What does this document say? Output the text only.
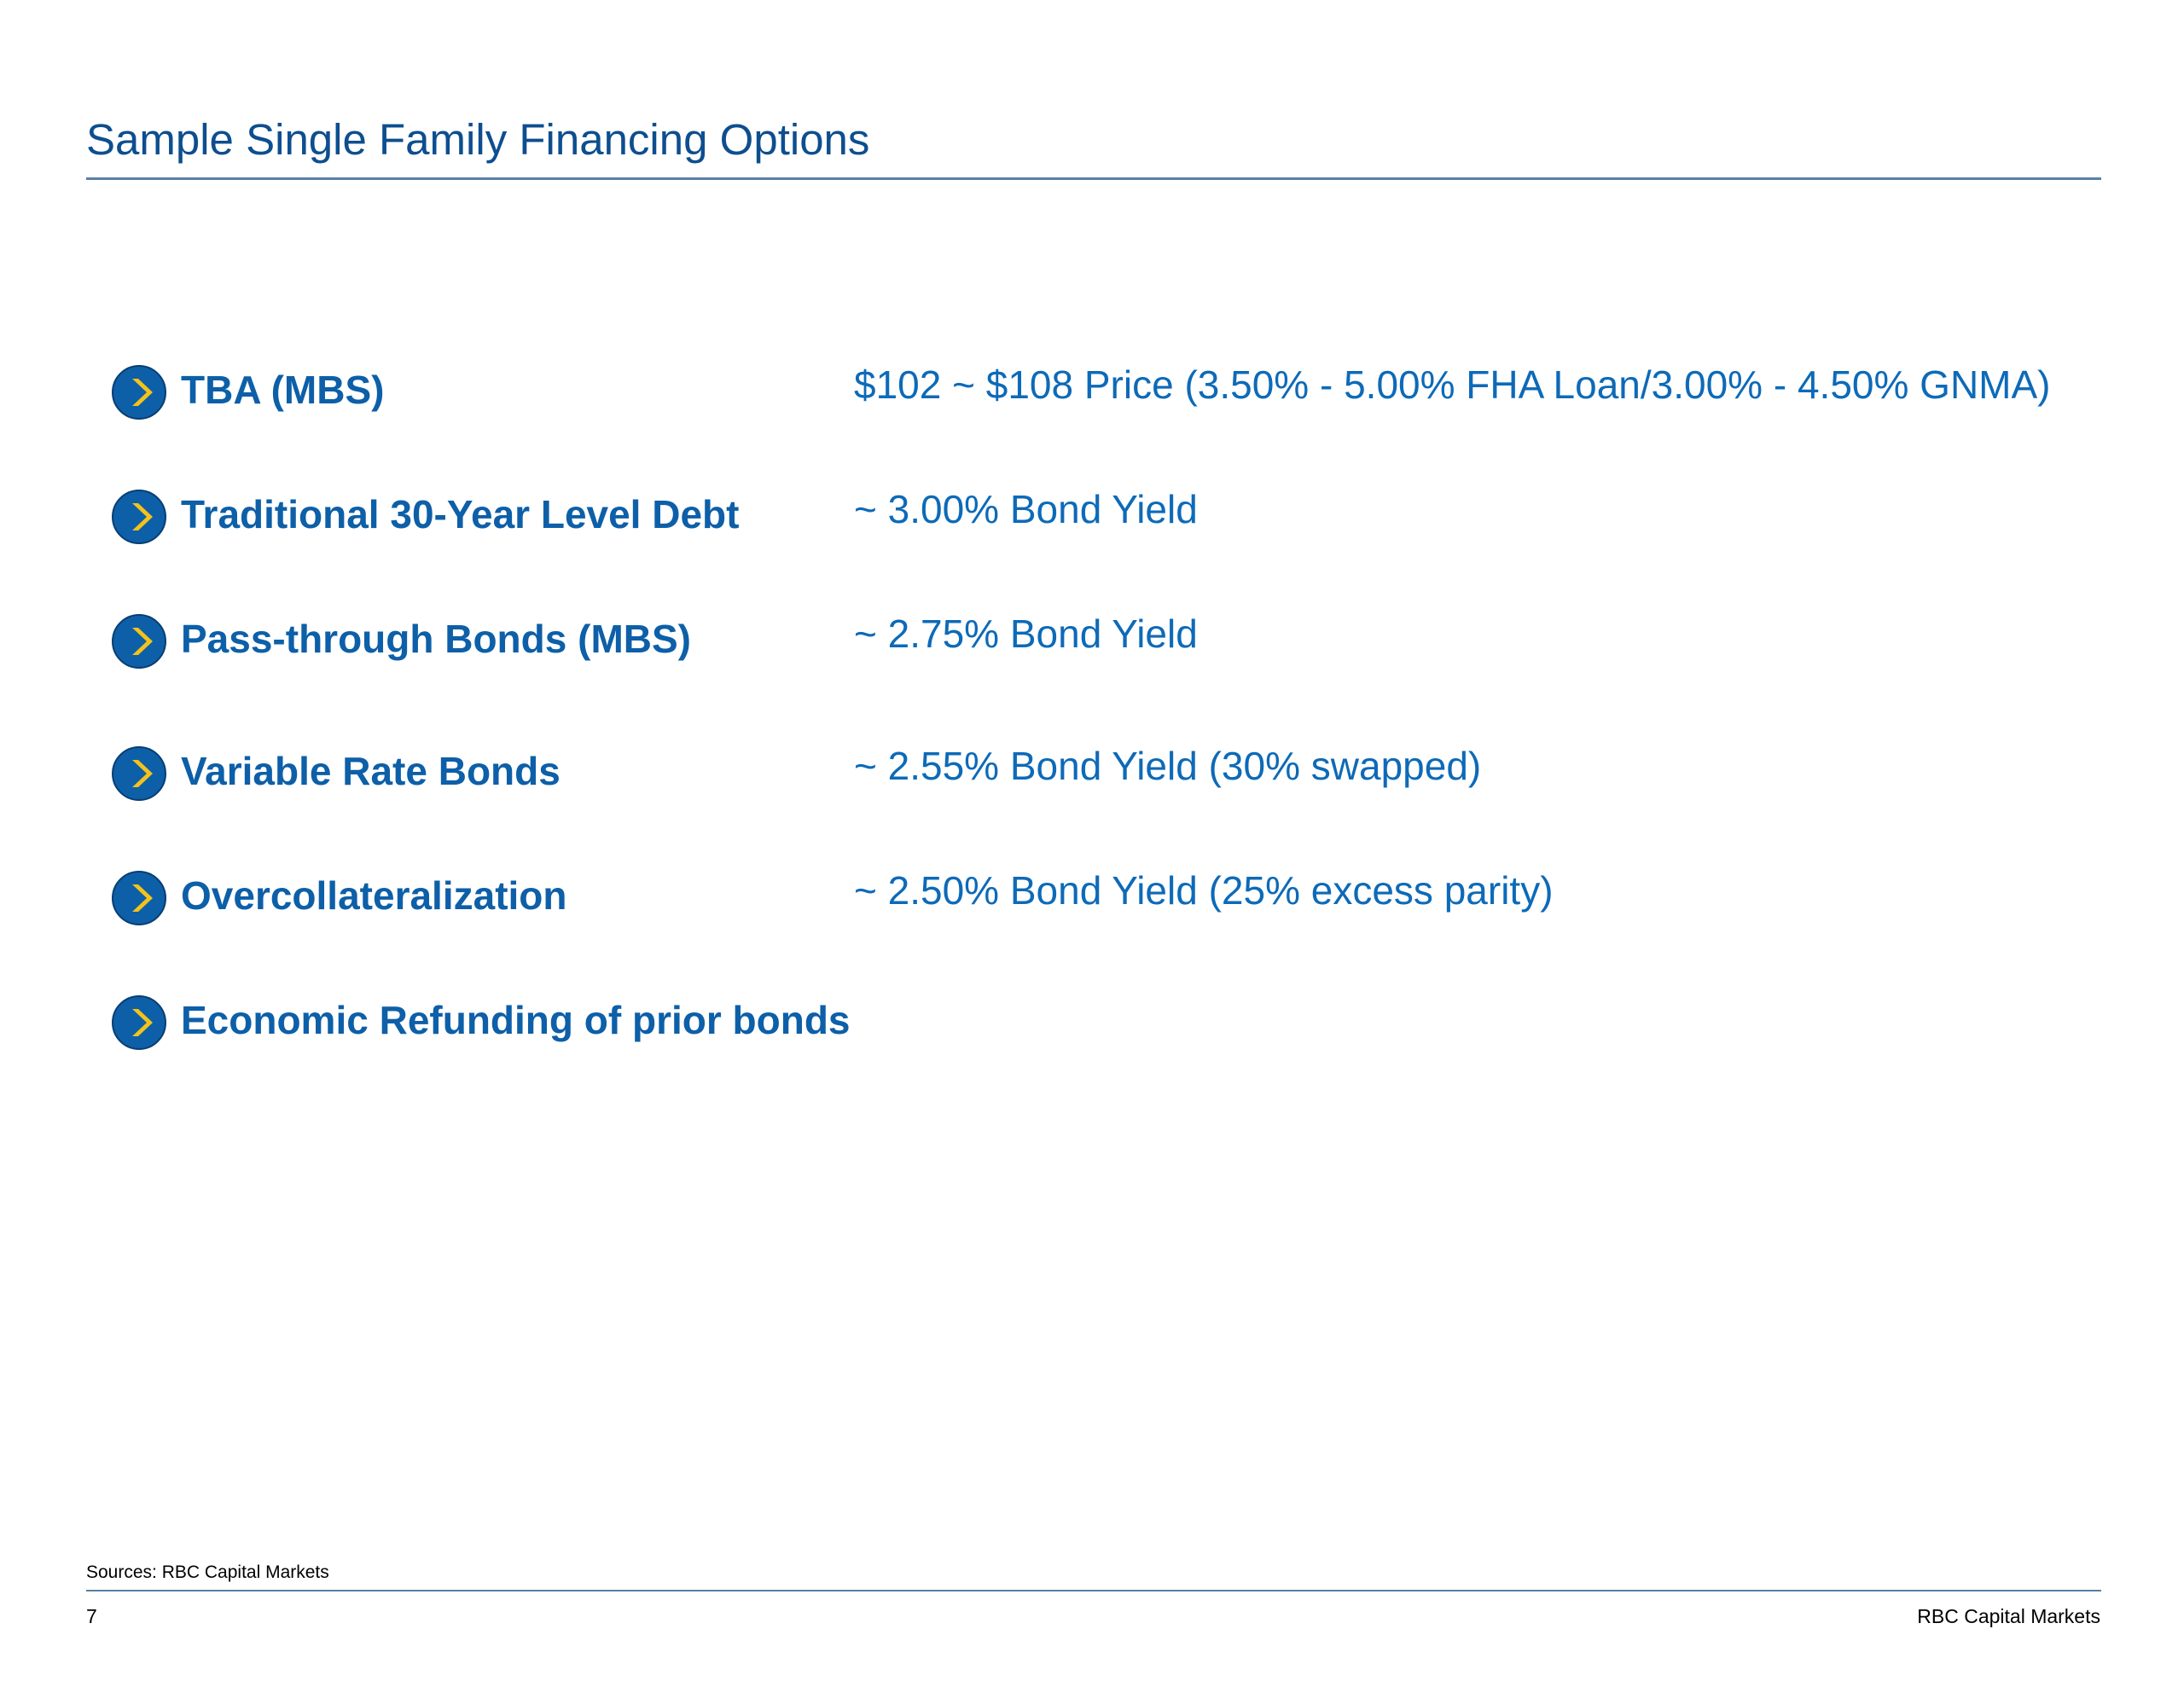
Sample Single Family Financing Options
TBA (MBS)	$102 ~ $108 Price (3.50% - 5.00% FHA Loan/3.00% - 4.50% GNMA)
Traditional 30-Year Level Debt	~ 3.00% Bond Yield
Pass-through Bonds (MBS)	~ 2.75% Bond Yield
Variable Rate Bonds	~ 2.55% Bond Yield (30% swapped)
Overcollateralization	~ 2.50% Bond Yield (25% excess parity)
Economic Refunding of prior bonds
Sources: RBC Capital Markets
7	RBC Capital Markets
